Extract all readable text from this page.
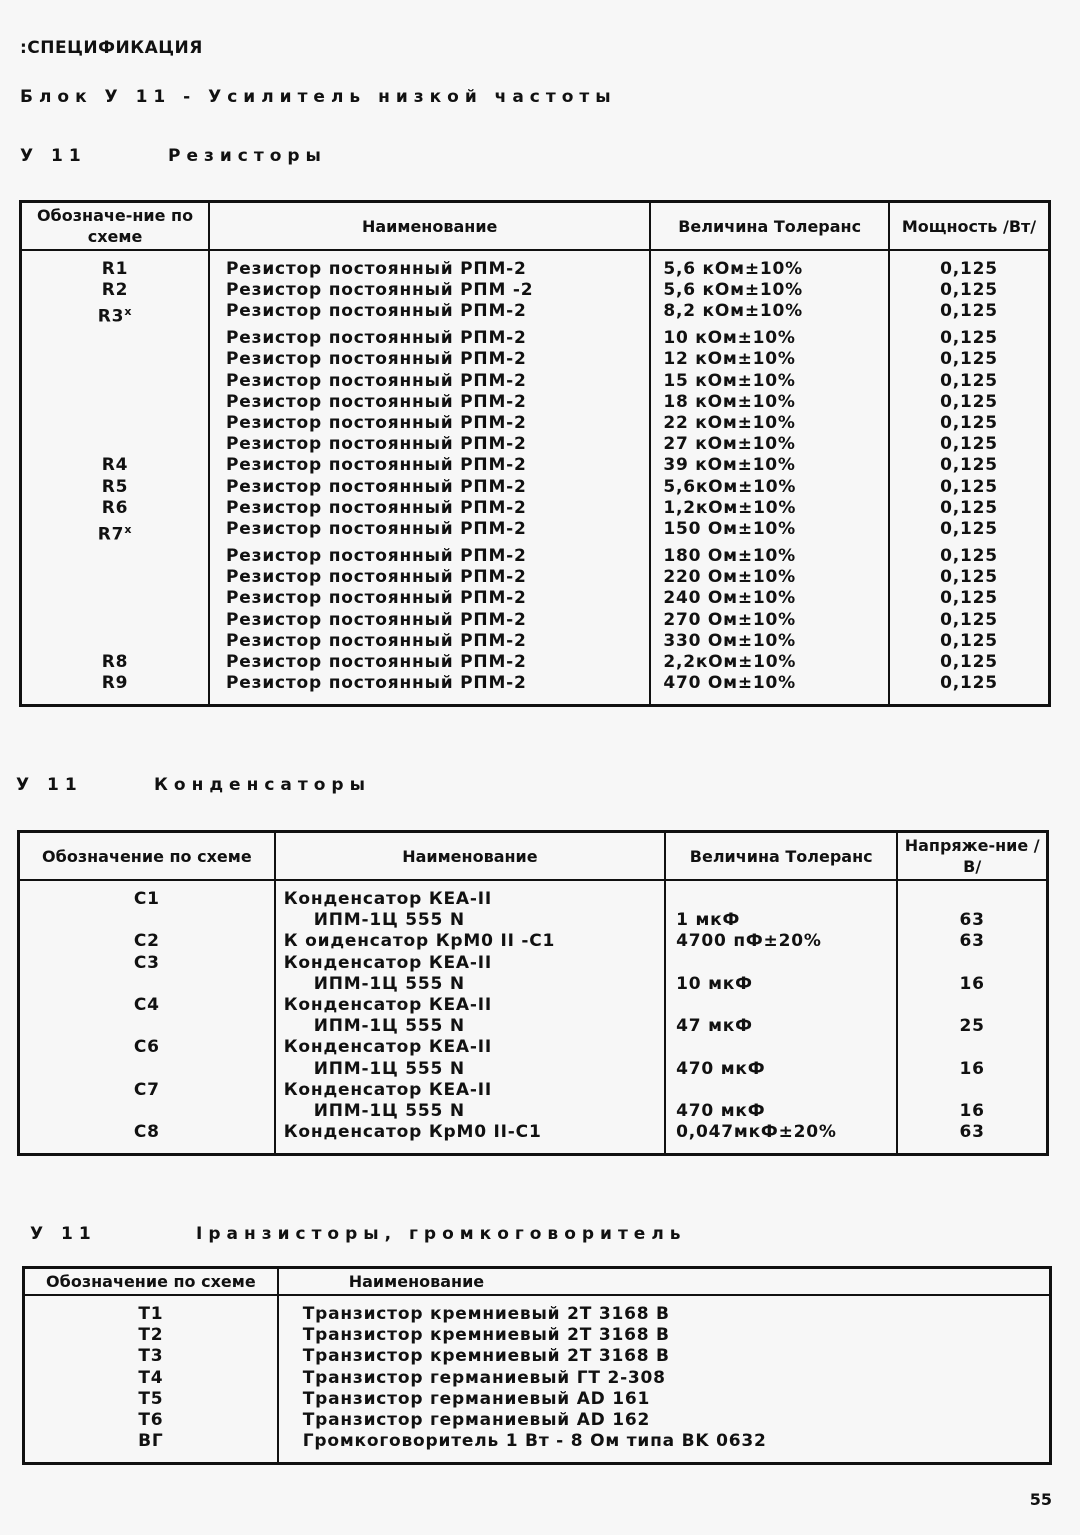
:СПЕЦИФИКАЦИЯ
Блок У 11 - Усилитель низкой частоты
У 11	Резисторы
Обозначе-ние по схеме	Наименование	Величина Толеранс	Мощность /Вт/
R1	Резистор постоянный РПМ-2	5,6 кОм±10%	0,125
R2	Резистор постоянный РПМ -2	5,6 кОм±10%	0,125
R3$^x$	Резистор постоянный РПМ-2	8,2 кОм±10%	0,125
	Резистор постоянный РПМ-2	10 кОм±10%	0,125
	Резистор постоянный РПМ-2	12 кОм±10%	0,125
	Резистор постоянный РПМ-2	15 кОм±10%	0,125
	Резистор постоянный РПМ-2	18 кОм±10%	0,125
	Резистор постоянный РПМ-2	22 кОм±10%	0,125
	Резистор постоянный РПМ-2	27 кОм±10%	0,125
R4	Резистор постоянный РПМ-2	39 кОм±10%	0,125
R5	Резистор постоянный РПМ-2	5,6кОм±10%	0,125
R6	Резистор постоянный РПМ-2	1,2кОм±10%	0,125
R7$^x$	Резистор постоянный РПМ-2	150 Ом±10%	0,125
	Резистор постоянный РПМ-2	180 Ом±10%	0,125
	Резистор постоянный РПМ-2	220 Ом±10%	0,125
	Резистор постоянный РПМ-2	240 Ом±10%	0,125
	Резистор постоянный РПМ-2	270 Ом±10%	0,125
	Резистор постоянный РПМ-2	330 Ом±10%	0,125
R8	Резистор постоянный РПМ-2	2,2кОм±10%	0,125
R9	Резистор постоянный РПМ-2	470 Ом±10%	0,125
У 11	Конденсаторы
Обозначение по схеме	Наименование	Величина Толеранс	Напряже-ние /В/
C1	Конденсатор КЕА-II
ИПМ-1Ц 555 N	1 мкФ	63
C2	К оиденсатор КрМ0 II -С1	4700 пФ±20%	63
C3	Конденсатор КЕА-II
ИПМ-1Ц 555 N	10 мкФ	16
C4	Конденсатор КЕА-II
ИПМ-1Ц 555 N	47 мкФ	25
C6	Конденсатор КЕА-II
ИПМ-1Ц 555 N	470 мкФ	16
C7	Конденсатор КЕА-II
ИПМ-1Ц 555 N	470 мкФ	16
C8	Конденсатор КрМ0 II-С1	0,047мкФ±20%	63
У 11	Iранзисторы, громкоговоритель
Обозначение по схеме	Наименование
T1	Транзистор кремниевый 2T 3168 B
T2	Транзистор кремниевый 2T 3168 B
T3	Транзистор кремниевый 2T 3168 B
T4	Транзистор германиевый ГТ 2-308
T5	Транзистор германиевый AD 161
T6	Транзистор германиевый AD 162
ВГ	Громкоговоритель 1 Вт - 8 Ом типа BK 0632
55
